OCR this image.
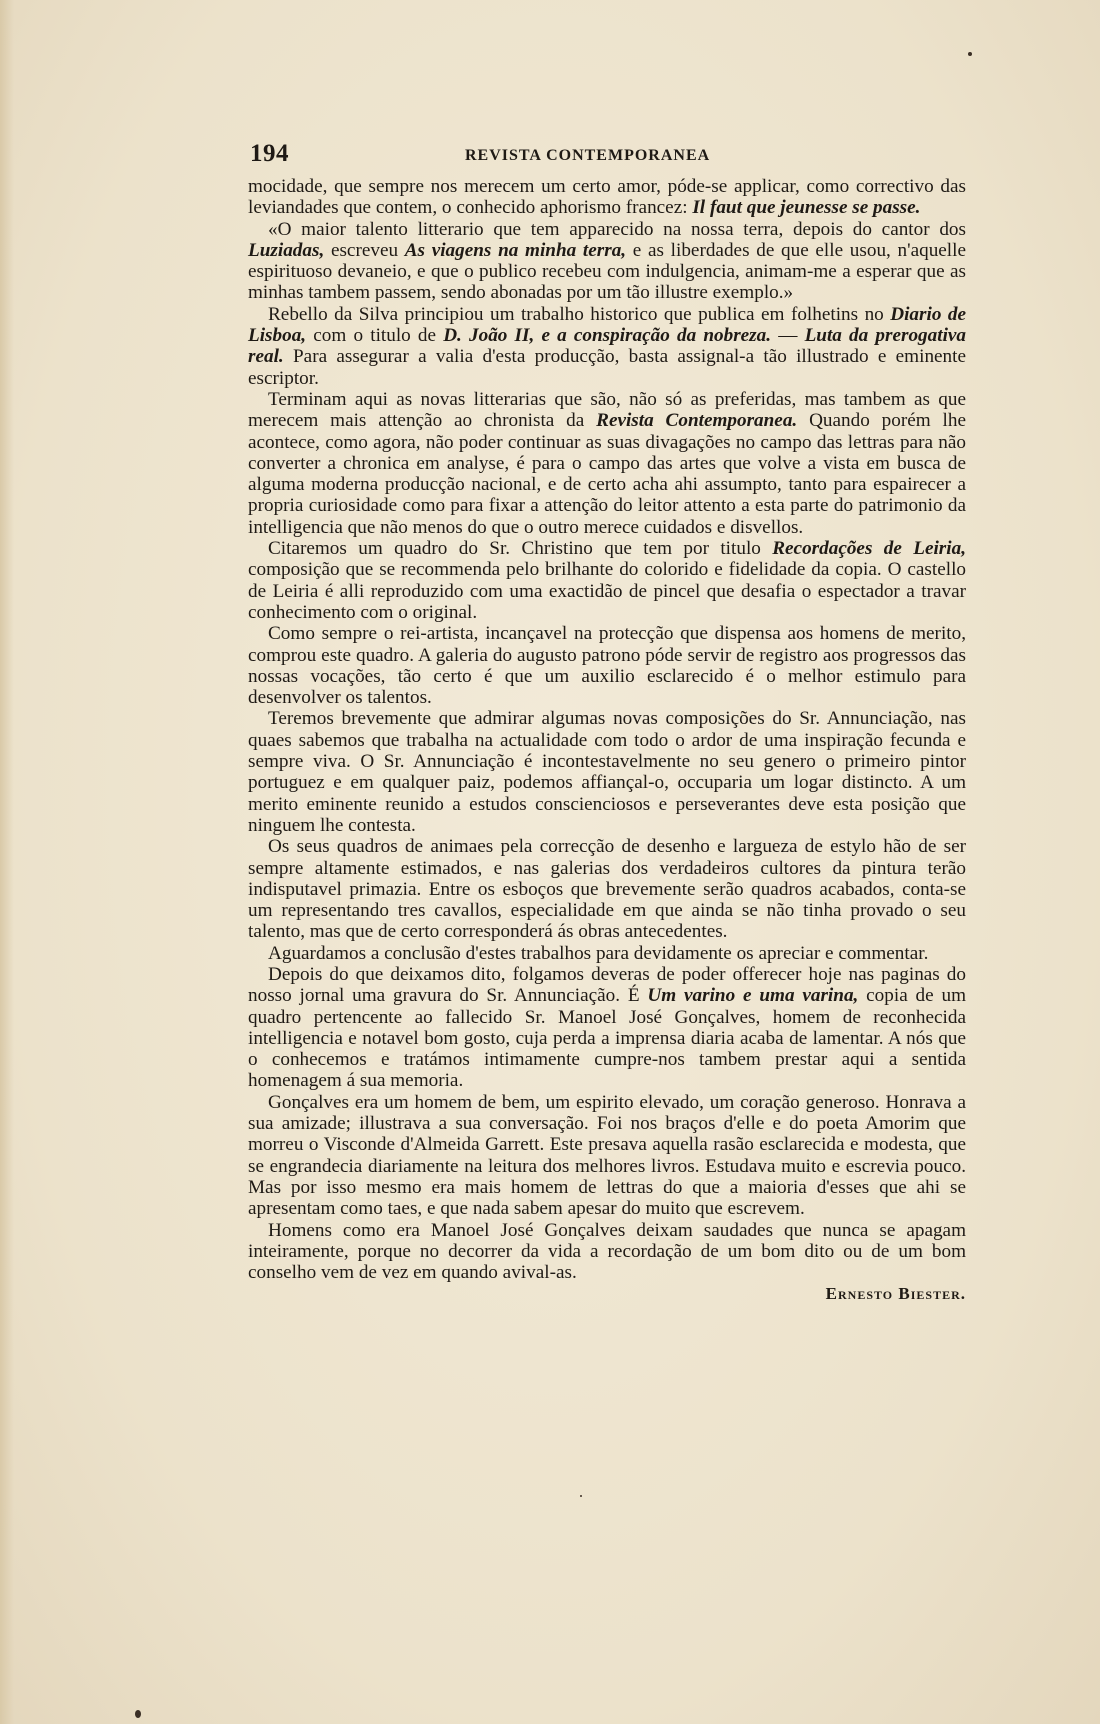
194	REVISTA CONTEMPORANEA

mocidade, que sempre nos merecem um certo amor, póde-se applicar, como correctivo das leviandades que contem, o conhecido aphorismo francez: Il faut que jeunesse se passe.

«O maior talento litterario que tem apparecido na nossa terra, depois do cantor dos Luziadas, escreveu As viagens na minha terra, e as liberdades de que elle usou, n'aquelle espirituoso devaneio, e que o publico recebeu com indulgencia, animam-me a esperar que as minhas tambem passem, sendo abonadas por um tão illustre exemplo.»

Rebello da Silva principiou um trabalho historico que publica em folhetins no Diario de Lisboa, com o titulo de D. João II, e a conspiração da nobreza. — Luta da prerogativa real. Para assegurar a valia d'esta producção, basta assignal-a tão illustrado e eminente escriptor.

Terminam aqui as novas litterarias que são, não só as preferidas, mas tambem as que merecem mais attenção ao chronista da Revista Contemporanea. Quando porém lhe acontece, como agora, não poder continuar as suas divagações no campo das lettras para não converter a chronica em analyse, é para o campo das artes que volve a vista em busca de alguma moderna producção nacional, e de certo acha ahi assumpto, tanto para espairecer a propria curiosidade como para fixar a attenção do leitor attento a esta parte do patrimonio da intelligencia que não menos do que o outro merece cuidados e disvellos.

Citaremos um quadro do Sr. Christino que tem por titulo Recordações de Leiria, composição que se recommenda pelo brilhante do colorido e fidelidade da copia. O castello de Leiria é alli reproduzido com uma exactidão de pincel que desafia o espectador a travar conhecimento com o original.

Como sempre o rei-artista, incançavel na protecção que dispensa aos homens de merito, comprou este quadro. A galeria do augusto patrono póde servir de registro aos progressos das nossas vocações, tão certo é que um auxilio esclarecido é o melhor estimulo para desenvolver os talentos.

Teremos brevemente que admirar algumas novas composições do Sr. Annunciação, nas quaes sabemos que trabalha na actualidade com todo o ardor de uma inspiração fecunda e sempre viva. O Sr. Annunciação é incontestavelmente no seu genero o primeiro pintor portuguez e em qualquer paiz, podemos affiançal-o, occuparia um logar distincto. A um merito eminente reunido a estudos conscienciosos e perseverantes deve esta posição que ninguem lhe contesta.

Os seus quadros de animaes pela correcção de desenho e largueza de estylo hão de ser sempre altamente estimados, e nas galerias dos verdadeiros cultores da pintura terão indisputavel primazia. Entre os esboços que brevemente serão quadros acabados, conta-se um representando tres cavallos, especialidade em que ainda se não tinha provado o seu talento, mas que de certo corresponderá ás obras antecedentes.

Aguardamos a conclusão d'estes trabalhos para devidamente os apreciar e commentar.

Depois do que deixamos dito, folgamos deveras de poder offerecer hoje nas paginas do nosso jornal uma gravura do Sr. Annunciação. É Um varino e uma varina, copia de um quadro pertencente ao fallecido Sr. Manoel José Gonçalves, homem de reconhecida intelligencia e notavel bom gosto, cuja perda a imprensa diaria acaba de lamentar. A nós que o conhecemos e tratámos intimamente cumpre-nos tambem prestar aqui a sentida homenagem á sua memoria.

Gonçalves era um homem de bem, um espirito elevado, um coração generoso. Honrava a sua amizade; illustrava a sua conversação. Foi nos braços d'elle e do poeta Amorim que morreu o Visconde d'Almeida Garrett. Este presava aquella rasão esclarecida e modesta, que se engrandecia diariamente na leitura dos melhores livros. Estudava muito e escrevia pouco. Mas por isso mesmo era mais homem de lettras do que a maioria d'esses que ahi se apresentam como taes, e que nada sabem apesar do muito que escrevem.

Homens como era Manoel José Gonçalves deixam saudades que nunca se apagam inteiramente, porque no decorrer da vida a recordação de um bom dito ou de um bom conselho vem de vez em quando avival-as.

Ernesto Biester.
